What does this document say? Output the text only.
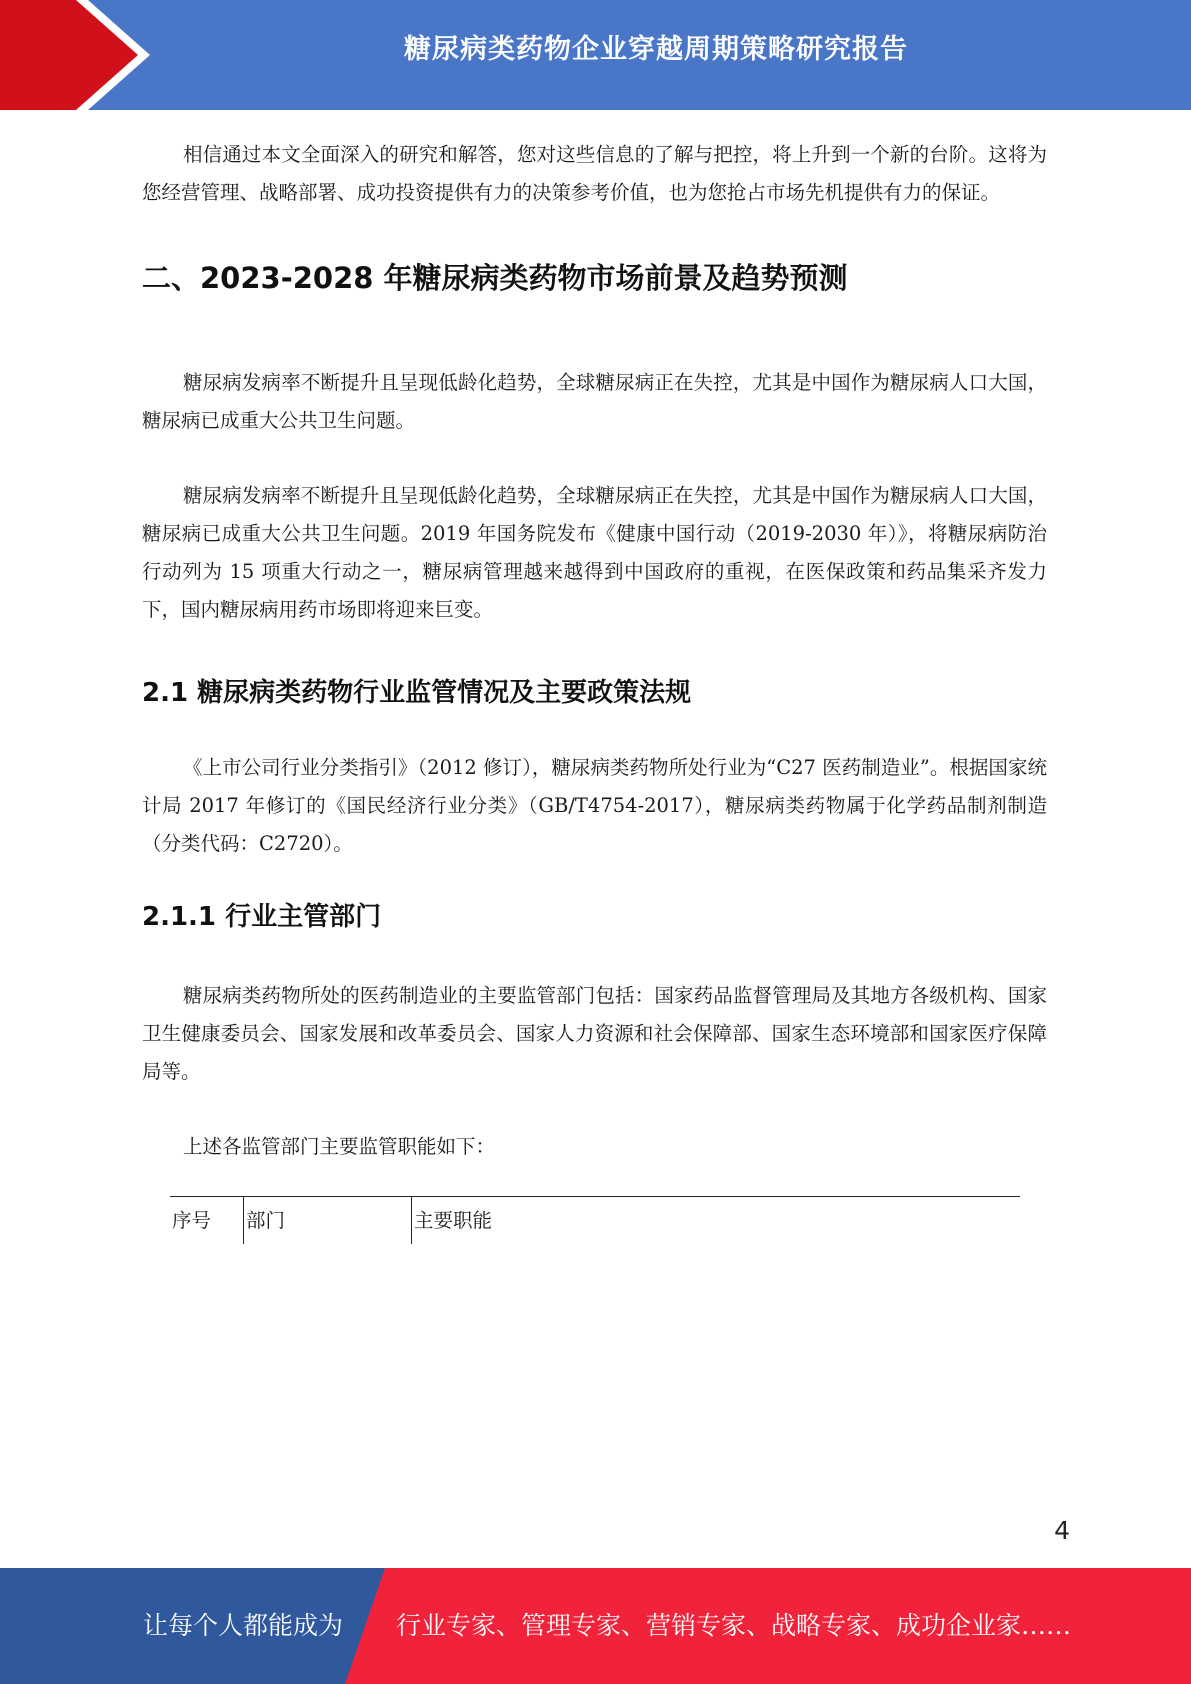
糖尿病类药物企业穿越周期策略研究报告

相信通过本文全面深入的研究和解答，您对这些信息的了解与把控，将上升到一个新的台阶。这将为您经营管理、战略部署、成功投资提供有力的决策参考价值，也为您抢占市场先机提供有力的保证。

二、2023-2028 年糖尿病类药物市场前景及趋势预测

糖尿病发病率不断提升且呈现低龄化趋势，全球糖尿病正在失控，尤其是中国作为糖尿病人口大国，糖尿病已成重大公共卫生问题。

糖尿病发病率不断提升且呈现低龄化趋势，全球糖尿病正在失控，尤其是中国作为糖尿病人口大国，糖尿病已成重大公共卫生问题。2019 年国务院发布《健康中国行动（2019-2030 年）》，将糖尿病防治行动列为 15 项重大行动之一，糖尿病管理越来越得到中国政府的重视，在医保政策和药品集采齐发力下，国内糖尿病用药市场即将迎来巨变。

2.1 糖尿病类药物行业监管情况及主要政策法规

《上市公司行业分类指引》（2012 修订），糖尿病类药物所处行业为“C27 医药制造业”。根据国家统计局 2017 年修订的《国民经济行业分类》（GB/T4754-2017），糖尿病类药物属于化学药品制剂制造（分类代码：C2720）。

2.1.1 行业主管部门

糖尿病类药物所处的医药制造业的主要监管部门包括：国家药品监督管理局及其地方各级机构、国家卫生健康委员会、国家发展和改革委员会、国家人力资源和社会保障部、国家生态环境部和国家医疗保障局等。

上述各监管部门主要监管职能如下：

序号	部门	主要职能
4
让每个人都能成为 行业专家、管理专家、营销专家、战略专家、成功企业家……
